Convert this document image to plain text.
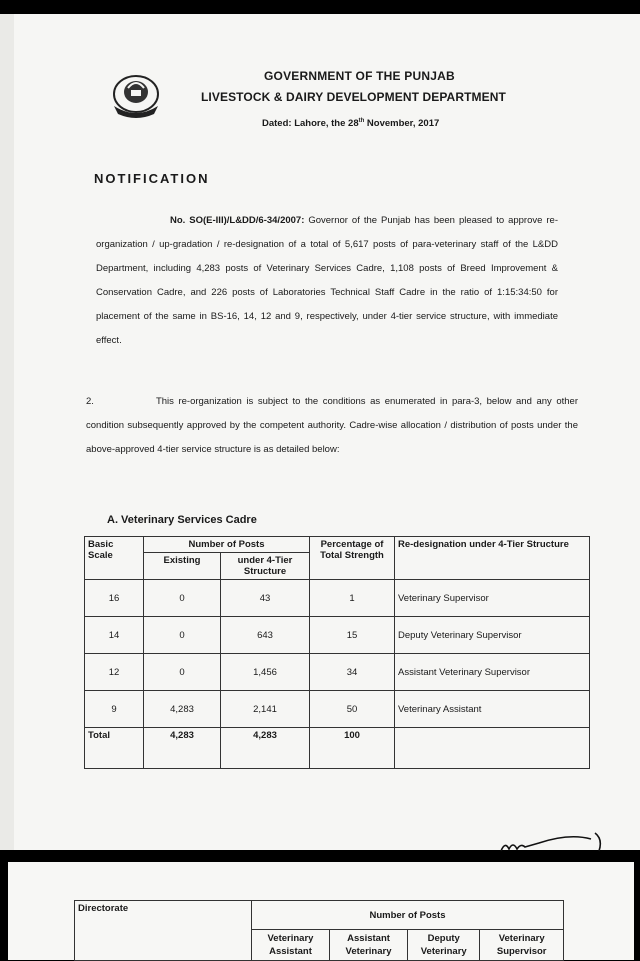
GOVERNMENT OF THE PUNJAB
LIVESTOCK & DAIRY DEVELOPMENT DEPARTMENT
Dated: Lahore, the 28th November, 2017
NOTIFICATION
No. SO(E-III)/L&DD/6-34/2007: Governor of the Punjab has been pleased to approve re-organization / up-gradation / re-designation of a total of 5,617 posts of para-veterinary staff of the L&DD Department, including 4,283 posts of Veterinary Services Cadre, 1,108 posts of Breed Improvement & Conservation Cadre, and 226 posts of Laboratories Technical Staff Cadre in the ratio of 1:15:34:50 for placement of the same in BS-16, 14, 12 and 9, respectively, under 4-tier service structure, with immediate effect.
2.	This re-organization is subject to the conditions as enumerated in para-3, below and any other condition subsequently approved by the competent authority. Cadre-wise allocation / distribution of posts under the above-approved 4-tier service structure is as detailed below:
A. Veterinary Services Cadre
Basic Scale	Number of Posts		Percentage of Total Strength	Re-designation under 4-Tier Structure
	Existing	under 4-Tier Structure		
16	0	43	1	Veterinary Supervisor
14	0	643	15	Deputy Veterinary Supervisor
12	0	1,456	34	Assistant Veterinary Supervisor
9	4,283	2,141	50	Veterinary Assistant
Total	4,283	4,283	100	
Directorate	Number of Posts			
	Veterinary Assistant	Assistant Veterinary	Deputy Veterinary	Veterinary Supervisor
